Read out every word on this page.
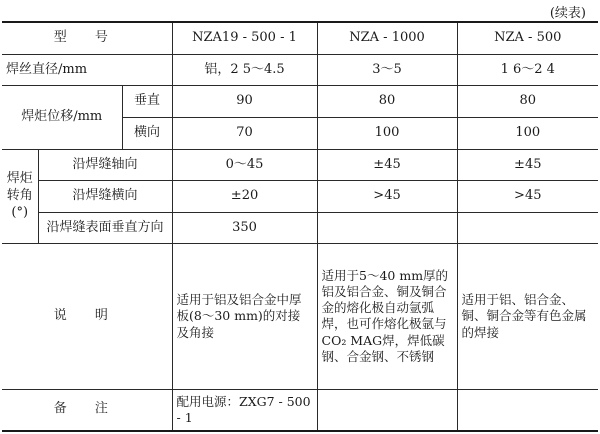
(续表)
型 号			NZA19 - 500 - 1	NZA - 1000	NZA - 500
焊丝直径/mm			铝，2 5～4.5	3～5	1 6～2 4
焊炬位移/mm		垂直	90	80	80
		横向	70	100	100
焊炬转角(°)	沿焊缝轴向		0～45	±45	±45
	沿焊缝横向		±20	>45	>45
	沿焊缝表面垂直方向		350		
说 明			适用于铝及铝合金中厚板(8～30 mm)的对接及角接	适用于5～40 mm厚的铝及铝合金、铜及铜合金的熔化极自动氩弧焊，也可作熔化极氩与CO₂ MAG焊，焊低碳钢、合金钢、不锈钢	适用于铝、铝合金、铜、铜合金等有色金属的焊接
备 注			配用电源：ZXG7 - 500 - 1		
